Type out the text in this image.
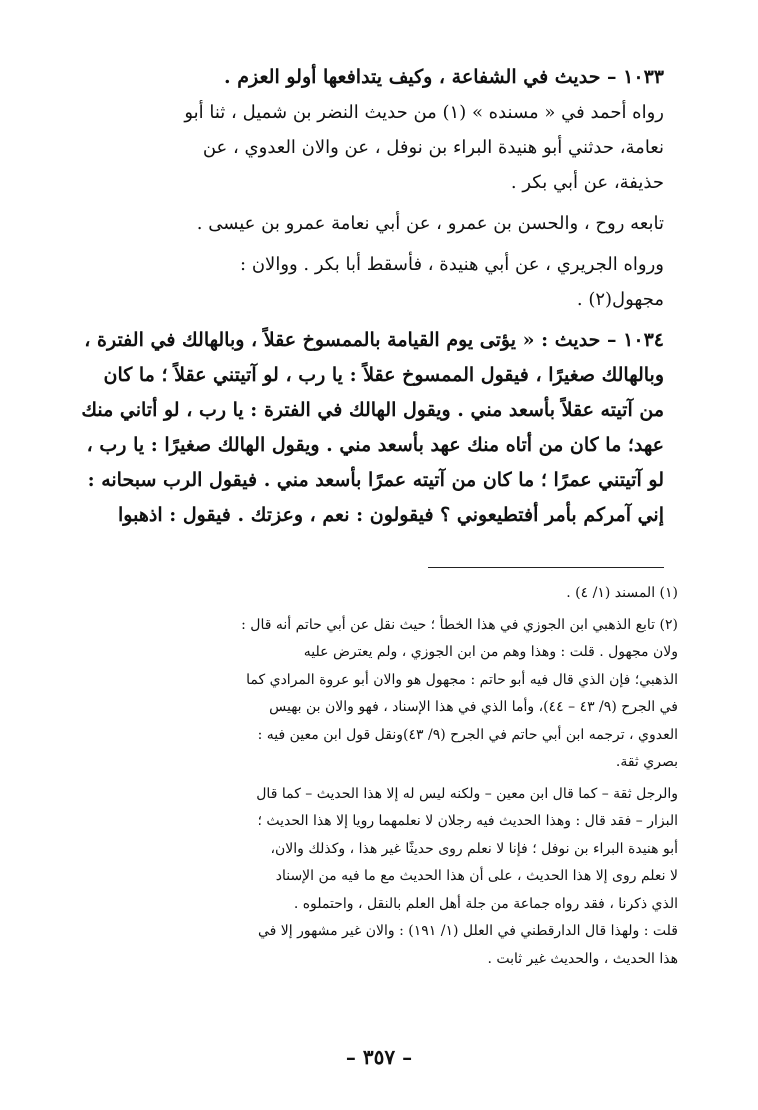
١٠٣٣ – حديث في الشفاعة ، وكيف يتدافعها أولو العزم .
رواه أحمد في « مسنده » (١) من حديث النضر بن شميل ، ثنا أبو
نعامة، حدثني أبو هنيدة البراء بن نوفل ، عن والان العدوي ، عن
حذيفة، عن أبي بكر .
تابعه روح ، والحسن بن عمرو ، عن أبي نعامة عمرو بن عيسى .
ورواه الجريري ، عن أبي هنيدة ، فأسقط أبا بكر . ووالان :
مجهول(٢) .
١٠٣٤ – حديث : « يؤتى يوم القيامة بالممسوخ عقلاً ، وبالهالك في الفترة ،
وبالهالك صغيرًا ، فيقول الممسوخ عقلاً : يا رب ، لو آتيتني عقلاً ؛ ما كان
من آتيته عقلاً بأسعد مني . ويقول الهالك في الفترة : يا رب ، لو أتاني منك
عهد؛ ما كان من أتاه منك عهد بأسعد مني . ويقول الهالك صغيرًا : يا رب ،
لو آتيتني عمرًا ؛ ما كان من آتيته عمرًا بأسعد مني . فيقول الرب سبحانه :
إني آمركم بأمر أفتطيعوني ؟ فيقولون : نعم ، وعزتك . فيقول : اذهبوا
(١) المسند (١/ ٤) .
(٢) تابع الذهبي ابن الجوزي في هذا الخطأ ؛ حيث نقل عن أبي حاتم أنه قال :
ولان مجهول . قلت : وهذا وهم من ابن الجوزي ، ولم يعترض عليه
الذهبي؛ فإن الذي قال فيه أبو حاتم : مجهول هو والان أبو عروة المرادي كما
في الجرح (٩/ ٤٣ – ٤٤)، وأما الذي في هذا الإسناد ، فهو والان بن بهيس
العدوي ، ترجمه ابن أبي حاتم في الجرح (٩/ ٤٣)ونقل قول ابن معين فيه :
بصري ثقة.
والرجل ثقة – كما قال ابن معين – ولكنه ليس له إلا هذا الحديث – كما قال
البزار – فقد قال : وهذا الحديث فيه رجلان لا نعلمهما رويا إلا هذا الحديث ؛
أبو هنيدة البراء بن نوفل ؛ فإنا لا نعلم روى حديثًا غير هذا ، وكذلك والان،
لا نعلم روى إلا هذا الحديث ، على أن هذا الحديث مع ما فيه من الإسناد
الذي ذكرنا ، فقد رواه جماعة من جلة أهل العلم بالنقل ، واحتملوه .
قلت : ولهذا قال الدارقطني في العلل (١/ ١٩١) : والان غير مشهور إلا في
هذا الحديث ، والحديث غير ثابت .
– ٣٥٧ –
